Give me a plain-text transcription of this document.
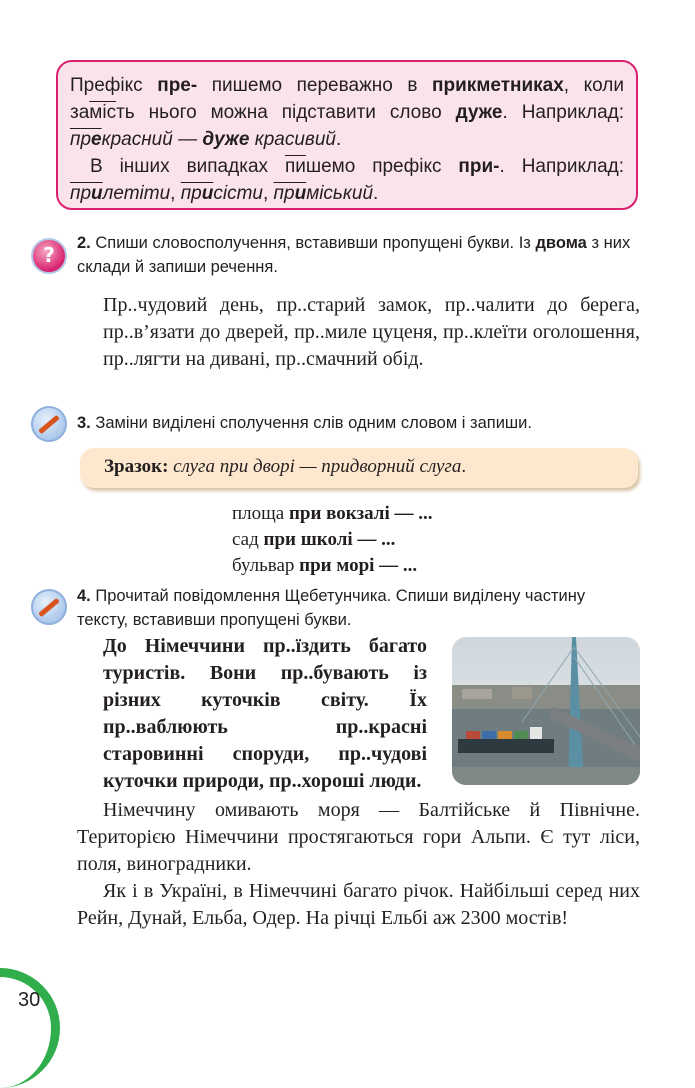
Префікс пре- пишемо переважно в прикметниках, коли замість нього можна підставити слово дуже. Наприклад: прекрасний — дуже красивий.

В інших випадках пишемо префікс при-. Наприклад: прилетіти, присісти, приміський.

?	2. Спиши словосполучення, вставивши пропущені букви. Із двома з них склади й запиши речення.
Пр..чудовий день, пр..старий замок, пр..чалити до берега, пр..в’язати до дверей, пр..миле цуценя, пр..клеїти оголошення, пр..лягти на дивані, пр..смачний обід.
3. Заміни виділені сполучення слів одним словом і запиши.
Зразок: слуга при дворі — придворний слуга.
площа при вокзалі — ...
сад при школі — ...
бульвар при морі — ...
4. Прочитай повідомлення Щебетунчика. Спиши виділену частину тексту, вставивши пропущені букви.
До Німеччини пр..їздить багато туристів. Вони пр..бувають із різних куточків світу. Їх пр..ваблюють пр..красні старовинні споруди, пр..чудові куточки природи, пр..хороші люди.

Німеччину омивають моря — Балтійське й Північне. Територією Німеччини простягаються гори Альпи. Є тут ліси, поля, виноградники.

Як і в Україні, в Німеччині багато річок. Найбільші серед них Рейн, Дунай, Ельба, Одер. На річці Ельбі аж 2300 мостів!

30
